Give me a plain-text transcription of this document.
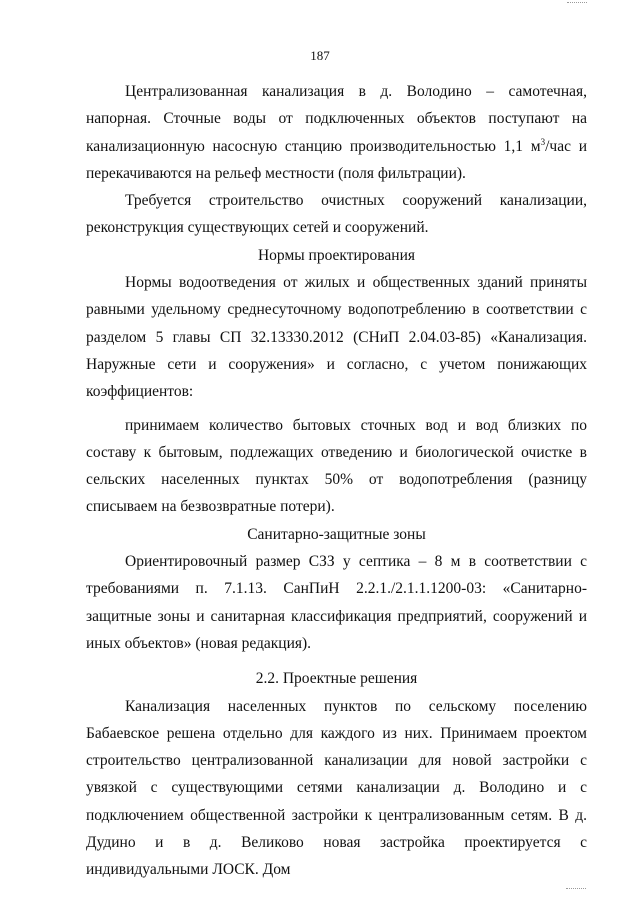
187

Централизованная канализация в д. Володино – самотечная, напорная. Сточные воды от подключенных объектов поступают на канализационную насосную станцию производительностью 1,1 $м^3$/час и перекачиваются на рельеф местности (поля фильтрации).

Требуется строительство очистных сооружений канализации, реконструкция существующих сетей и сооружений.

Нормы проектирования

Нормы водоотведения от жилых и общественных зданий приняты равными удельному среднесуточному водопотреблению в соответствии с разделом 5 главы СП 32.13330.2012 (СНиП 2.04.03-85) «Канализация. Наружные сети и сооружения» и согласно, с учетом понижающих коэффициентов:

принимаем количество бытовых сточных вод и вод близких по составу к бытовым, подлежащих отведению и биологической очистке в сельских населенных пунктах 50% от водопотребления (разницу списываем на безвозвратные потери).

Санитарно-защитные зоны

Ориентировочный размер СЗЗ у септика – 8 м в соответствии с требованиями п. 7.1.13. СанПиН 2.2.1./2.1.1.1200-03: «Санитарно-защитные зоны и санитарная классификация предприятий, сооружений и иных объектов» (новая редакция).

2.2. Проектные решения

Канализация населенных пунктов по сельскому поселению Бабаевское решена отдельно для каждого из них. Принимаем проектом строительство централизованной канализации для новой застройки с увязкой с существующими сетями канализации д. Володино и с подключением общественной застройки к централизованным сетям. В д. Дудино и в д. Великово новая застройка проектируется с индивидуальными ЛОСК. Дом
